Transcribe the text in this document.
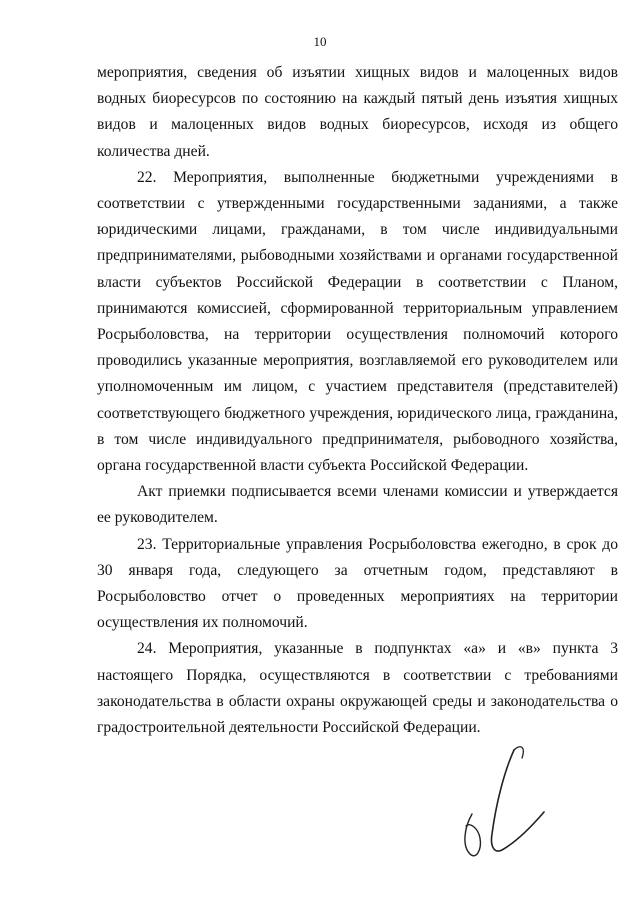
10

мероприятия, сведения об изъятии хищных видов и малоценных видов водных биоресурсов по состоянию на каждый пятый день изъятия хищных видов и малоценных видов водных биоресурсов, исходя из общего количества дней.

22. Мероприятия, выполненные бюджетными учреждениями в соответствии с утвержденными государственными заданиями, а также юридическими лицами, гражданами, в том числе индивидуальными предпринимателями, рыбоводными хозяйствами и органами государственной власти субъектов Российской Федерации в соответствии с Планом, принимаются комиссией, сформированной территориальным управлением Росрыболовства, на территории осуществления полномочий которого проводились указанные мероприятия, возглавляемой его руководителем или уполномоченным им лицом, с участием представителя (представителей) соответствующего бюджетного учреждения, юридического лица, гражданина, в том числе индивидуального предпринимателя, рыбоводного хозяйства, органа государственной власти субъекта Российской Федерации.

Акт приемки подписывается всеми членами комиссии и утверждается ее руководителем.

23. Территориальные управления Росрыболовства ежегодно, в срок до 30 января года, следующего за отчетным годом, представляют в Росрыболовство отчет о проведенных мероприятиях на территории осуществления их полномочий.

24. Мероприятия, указанные в подпунктах «а» и «в» пункта 3 настоящего Порядка, осуществляются в соответствии с требованиями законодательства в области охраны окружающей среды и законодательства о градостроительной деятельности Российской Федерации.
